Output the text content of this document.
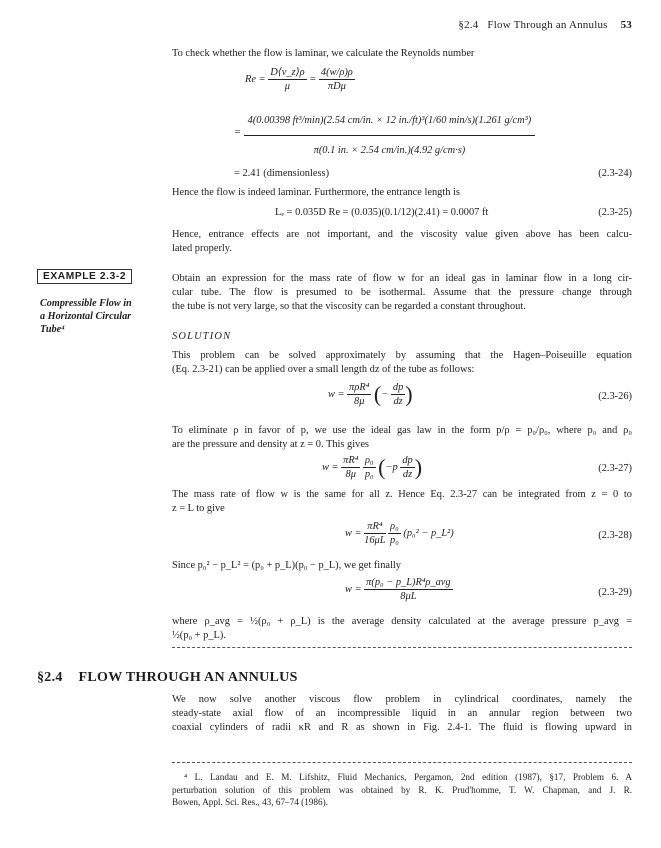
§2.4 Flow Through an Annulus 53
To check whether the flow is laminar, we calculate the Reynolds number
$Re = \frac{D⟨v\_z⟩\rho}{\mu} = \frac{4(w/\rho)\rho}{\text{πDμ}}$
=
4(0.00398 ft³/min)(2.54 cm/in. × 12 in./ft)³(1/60 min/s)(1.261 g/cm³)
π(0.1 in. × 2.54 cm/in.)(4.92 g/cm·s)
= 2.41 (dimensionless)	(2.3-24)
Hence the flow is indeed laminar. Furthermore, the entrance length is
Lₑ = 0.035D Re = (0.035)(0.1/12)(2.41) = 0.0007 ft	(2.3-25)
Hence, entrance effects are not important, and the viscosity value given above has been calcu-
lated properly.
EXAMPLE 2.3-2
Compressible Flow in
a Horizontal Circular
Tube⁴
Obtain an expression for the mass rate of flow w for an ideal gas in laminar flow in a long cir-
cular tube. The flow is presumed to be isothermal. Assume that the pressure change through
the tube is not very large, so that the viscosity can be regarded a constant throughout.
SOLUTION
This problem can be solved approximately by assuming that the Hagen–Poiseuille equation
(Eq. 2.3-21) can be applied over a small length dz of the tube as follows:
$w = \frac{\text{πρR⁴}}{8\mu}$ (− $\frac{dp}{dz}$ )	(2.3-26)
To eliminate ρ in favor of p, we use the ideal gas law in the form p/ρ = p₀/ρ₀, where p₀ and ρ₀
are the pressure and density at z = 0. This gives
$w = \frac{\text{πR⁴}}{8\mu}$
$\frac{\text{ρ₀}}{\text{p₀}} (-p \frac{dp}{dz}$ )	(2.3-27)
The mass rate of flow w is the same for all z. Hence Eq. 2.3-27 can be integrated from z = 0 to
z = L to give
$w = \frac{\text{πR⁴}}{16\mu L}$
$\frac{\text{ρ₀}}{\text{p₀}} (p_0^2$ − p_L²)	(2.3-28)
Since p₀² − p_L² = (p₀ + p_L)(p₀ − p_L), we get finally
$w = \frac{\text{π(p₀ − p\_L)R⁴ρ\_avg}}{8\mu L}$	(2.3-29)
where ρ_avg = ½(ρ₀ + ρ_L) is the average density calculated at the average pressure p_avg =
½(p₀ + p_L).
§2.4 FLOW THROUGH AN ANNULUS
We now solve another viscous flow problem in cylindrical coordinates, namely the
steady-state axial flow of an incompressible liquid in an annular region between two
coaxial cylinders of radii κR and R as shown in Fig. 2.4-1. The fluid is flowing upward in
⁴ L. Landau and E. M. Lifshitz, Fluid Mechanics, Pergamon, 2nd edition (1987), §17, Problem 6. A
perturbation solution of this problem was obtained by R. K. Prud'homme, T. W. Chapman, and J. R.
Bowen, Appl. Sci. Res., 43, 67–74 (1986).
